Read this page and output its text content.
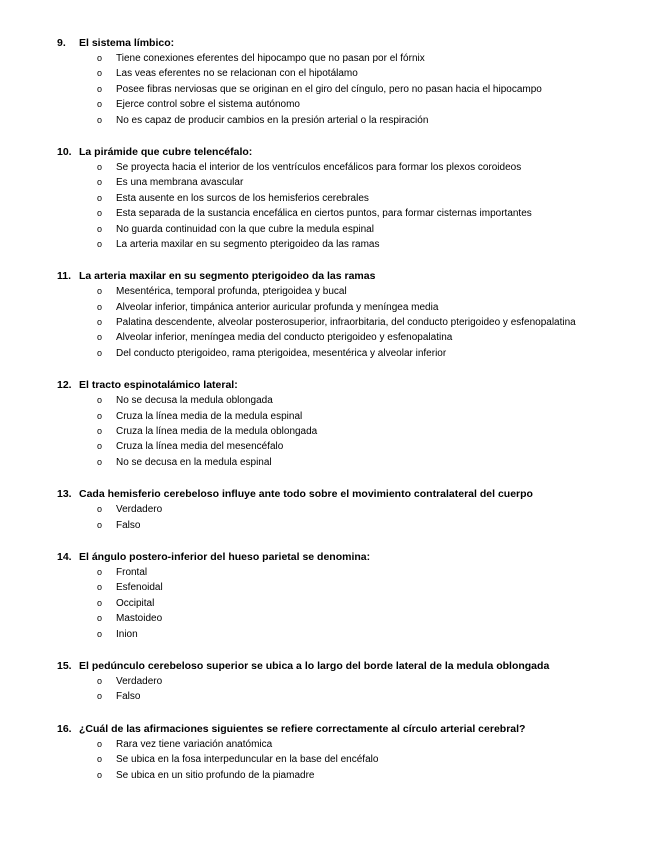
9. El sistema límbico:
o Tiene conexiones eferentes del hipocampo que no pasan por el fórnix
o Las veas eferentes no se relacionan con el hipotálamo
o Posee fibras nerviosas que se originan en el giro del cíngulo, pero no pasan hacia el hipocampo
o Ejerce control sobre el sistema autónomo
o No es capaz de producir cambios en la presión arterial o la respiración
10. La pirámide que cubre telencéfalo:
o Se proyecta hacia el interior de los ventrículos encefálicos para formar los plexos coroideos
o Es una membrana avascular
o Esta ausente en los surcos de los hemisferios cerebrales
o Esta separada de la sustancia encefálica en ciertos puntos, para formar cisternas importantes
o No guarda continuidad con la que cubre la medula espinal
o La arteria maxilar en su segmento pterigoideo da las ramas
11. La arteria maxilar en su segmento pterigoideo da las ramas
o Mesentérica, temporal profunda, pterigoidea y bucal
o Alveolar inferior, timpánica anterior auricular profunda y meníngea media
o Palatina descendente, alveolar posterosuperior, infraorbitaria, del conducto pterigoideo y esfenopalatina
o Alveolar inferior, meníngea media del conducto pterigoideo y esfenopalatina
o Del conducto pterigoideo, rama pterigoidea, mesentérica y alveolar inferior
12. El tracto espinotalámico lateral:
o No se decusa la medula oblongada
o Cruza la línea media de la medula espinal
o Cruza la línea media de la medula oblongada
o Cruza la línea media del mesencéfalo
o No se decusa en la medula espinal
13. Cada hemisferio cerebeloso influye ante todo sobre el movimiento contralateral del cuerpo
o Verdadero
o Falso
14. El ángulo postero-inferior del hueso parietal se denomina:
o Frontal
o Esfenoidal
o Occipital
o Mastoideo
o Inion
15. El pedúnculo cerebeloso superior se ubica a lo largo del borde lateral de la medula oblongada
o Verdadero
o Falso
16. ¿Cuál de las afirmaciones siguientes se refiere correctamente al círculo arterial cerebral?
o Rara vez tiene variación anatómica
o Se ubica en la fosa interpeduncular en la base del encéfalo
o Se ubica en un sitio profundo de la piamadre
